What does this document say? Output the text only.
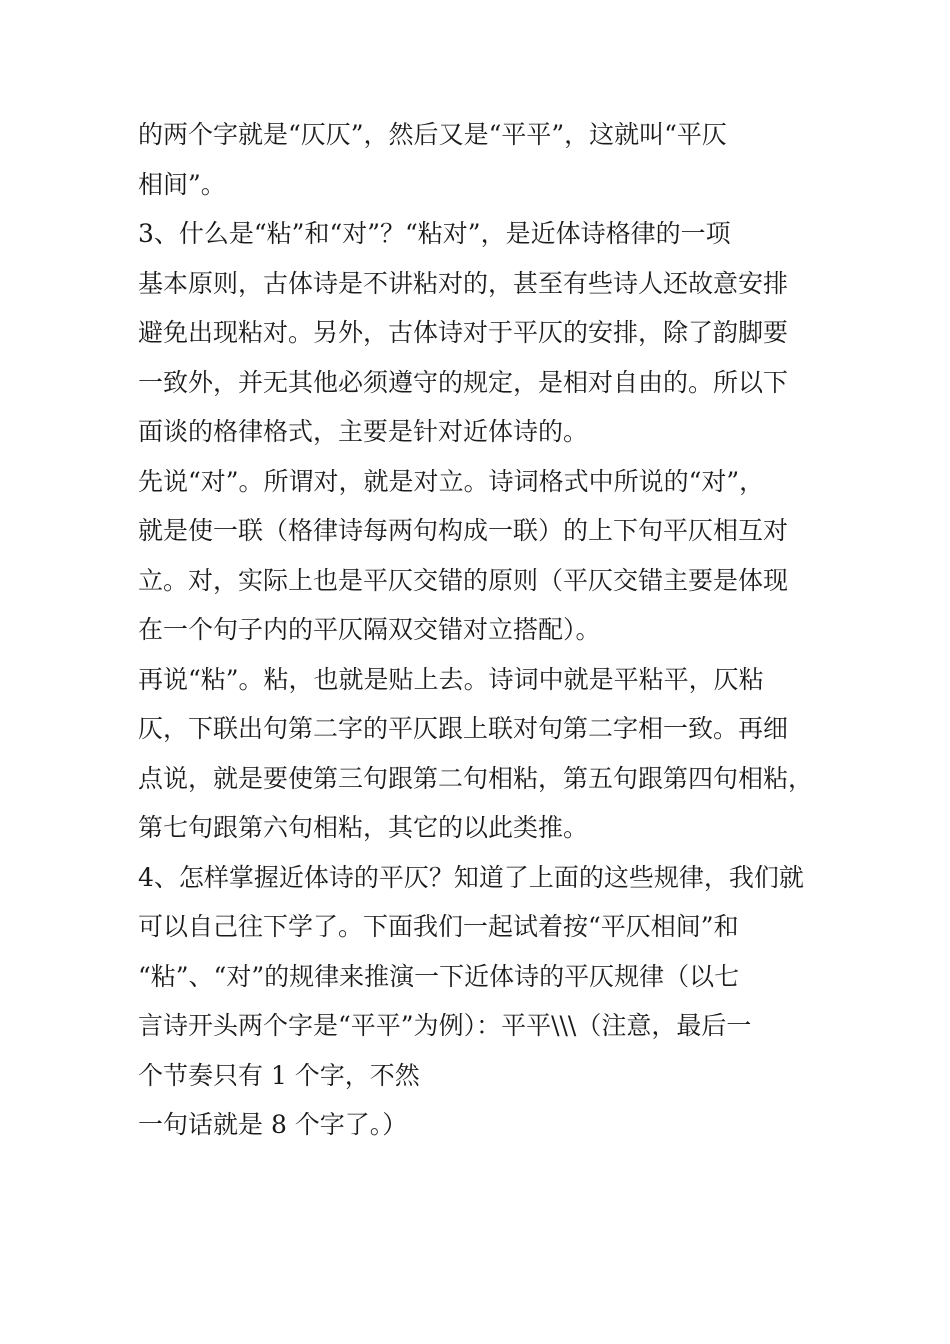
的两个字就是“仄仄”，然后又是“平平”，这就叫“平仄
相间”。
3、什么是“粘”和“对”？“粘对”，是近体诗格律的一项
基本原则，古体诗是不讲粘对的，甚至有些诗人还故意安排
避免出现粘对。另外，古体诗对于平仄的安排，除了韵脚要
一致外，并无其他必须遵守的规定，是相对自由的。所以下
面谈的格律格式，主要是针对近体诗的。
先说“对”。所谓对，就是对立。诗词格式中所说的“对”，
就是使一联（格律诗每两句构成一联）的上下句平仄相互对
立。对，实际上也是平仄交错的原则（平仄交错主要是体现
在一个句子内的平仄隔双交错对立搭配）。
再说“粘”。粘，也就是贴上去。诗词中就是平粘平，仄粘
仄，下联出句第二字的平仄跟上联对句第二字相一致。再细
点说，就是要使第三句跟第二句相粘，第五句跟第四句相粘，
第七句跟第六句相粘，其它的以此类推。
4、怎样掌握近体诗的平仄？知道了上面的这些规律，我们就
可以自己往下学了。下面我们一起试着按“平仄相间”和
“粘”、“对”的规律来推演一下近体诗的平仄规律（以七
言诗开头两个字是“平平”为例）：平平\\\（注意，最后一
个节奏只有 1 个字，不然
一句话就是 8 个字了。）
